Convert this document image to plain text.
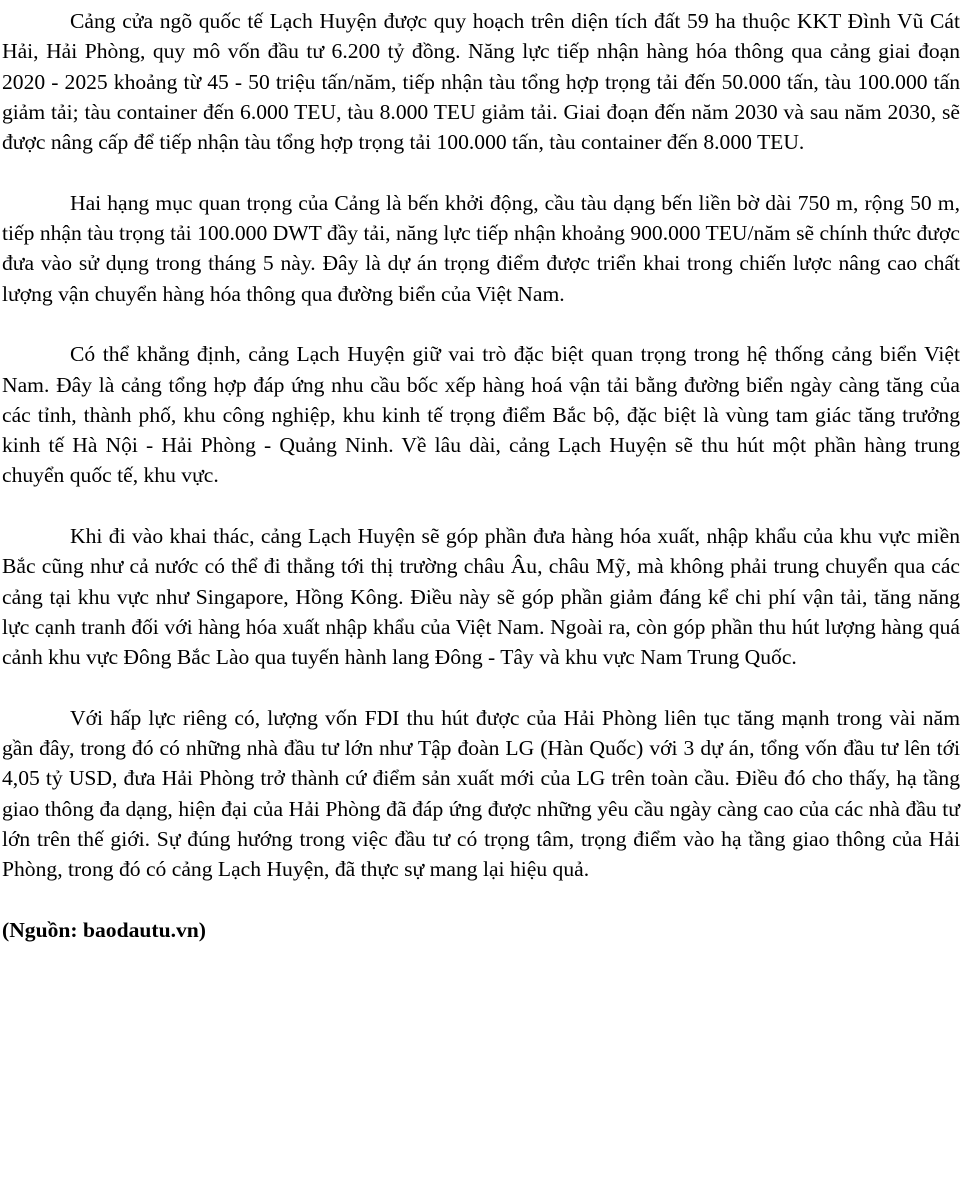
Cảng cửa ngõ quốc tế Lạch Huyện được quy hoạch trên diện tích đất 59 ha thuộc KKT Đình Vũ Cát Hải, Hải Phòng, quy mô vốn đầu tư 6.200 tỷ đồng. Năng lực tiếp nhận hàng hóa thông qua cảng giai đoạn 2020 - 2025 khoảng từ 45 - 50 triệu tấn/năm, tiếp nhận tàu tổng hợp trọng tải đến 50.000 tấn, tàu 100.000 tấn giảm tải; tàu container đến 6.000 TEU, tàu 8.000 TEU giảm tải. Giai đoạn đến năm 2030 và sau năm 2030, sẽ được nâng cấp để tiếp nhận tàu tổng hợp trọng tải 100.000 tấn, tàu container đến 8.000 TEU.

Hai hạng mục quan trọng của Cảng là bến khởi động, cầu tàu dạng bến liền bờ dài 750 m, rộng 50 m, tiếp nhận tàu trọng tải 100.000 DWT đầy tải, năng lực tiếp nhận khoảng 900.000 TEU/năm sẽ chính thức được đưa vào sử dụng trong tháng 5 này. Đây là dự án trọng điểm được triển khai trong chiến lược nâng cao chất lượng vận chuyển hàng hóa thông qua đường biển của Việt Nam.

Có thể khẳng định, cảng Lạch Huyện giữ vai trò đặc biệt quan trọng trong hệ thống cảng biển Việt Nam. Đây là cảng tổng hợp đáp ứng nhu cầu bốc xếp hàng hoá vận tải bằng đường biển ngày càng tăng của các tỉnh, thành phố, khu công nghiệp, khu kinh tế trọng điểm Bắc bộ, đặc biệt là vùng tam giác tăng trưởng kinh tế Hà Nội - Hải Phòng - Quảng Ninh. Về lâu dài, cảng Lạch Huyện sẽ thu hút một phần hàng trung chuyển quốc tế, khu vực.

Khi đi vào khai thác, cảng Lạch Huyện sẽ góp phần đưa hàng hóa xuất, nhập khẩu của khu vực miền Bắc cũng như cả nước có thể đi thẳng tới thị trường châu Âu, châu Mỹ, mà không phải trung chuyển qua các cảng tại khu vực như Singapore, Hồng Kông. Điều này sẽ góp phần giảm đáng kể chi phí vận tải, tăng năng lực cạnh tranh đối với hàng hóa xuất nhập khẩu của Việt Nam. Ngoài ra, còn góp phần thu hút lượng hàng quá cảnh khu vực Đông Bắc Lào qua tuyến hành lang Đông - Tây và khu vực Nam Trung Quốc.

Với hấp lực riêng có, lượng vốn FDI thu hút được của Hải Phòng liên tục tăng mạnh trong vài năm gần đây, trong đó có những nhà đầu tư lớn như Tập đoàn LG (Hàn Quốc) với 3 dự án, tổng vốn đầu tư lên tới 4,05 tỷ USD, đưa Hải Phòng trở thành cứ điểm sản xuất mới của LG trên toàn cầu. Điều đó cho thấy, hạ tầng giao thông đa dạng, hiện đại của Hải Phòng đã đáp ứng được những yêu cầu ngày càng cao của các nhà đầu tư lớn trên thế giới. Sự đúng hướng trong việc đầu tư có trọng tâm, trọng điểm vào hạ tầng giao thông của Hải Phòng, trong đó có cảng Lạch Huyện, đã thực sự mang lại hiệu quả.

(Nguồn: baodautu.vn)
